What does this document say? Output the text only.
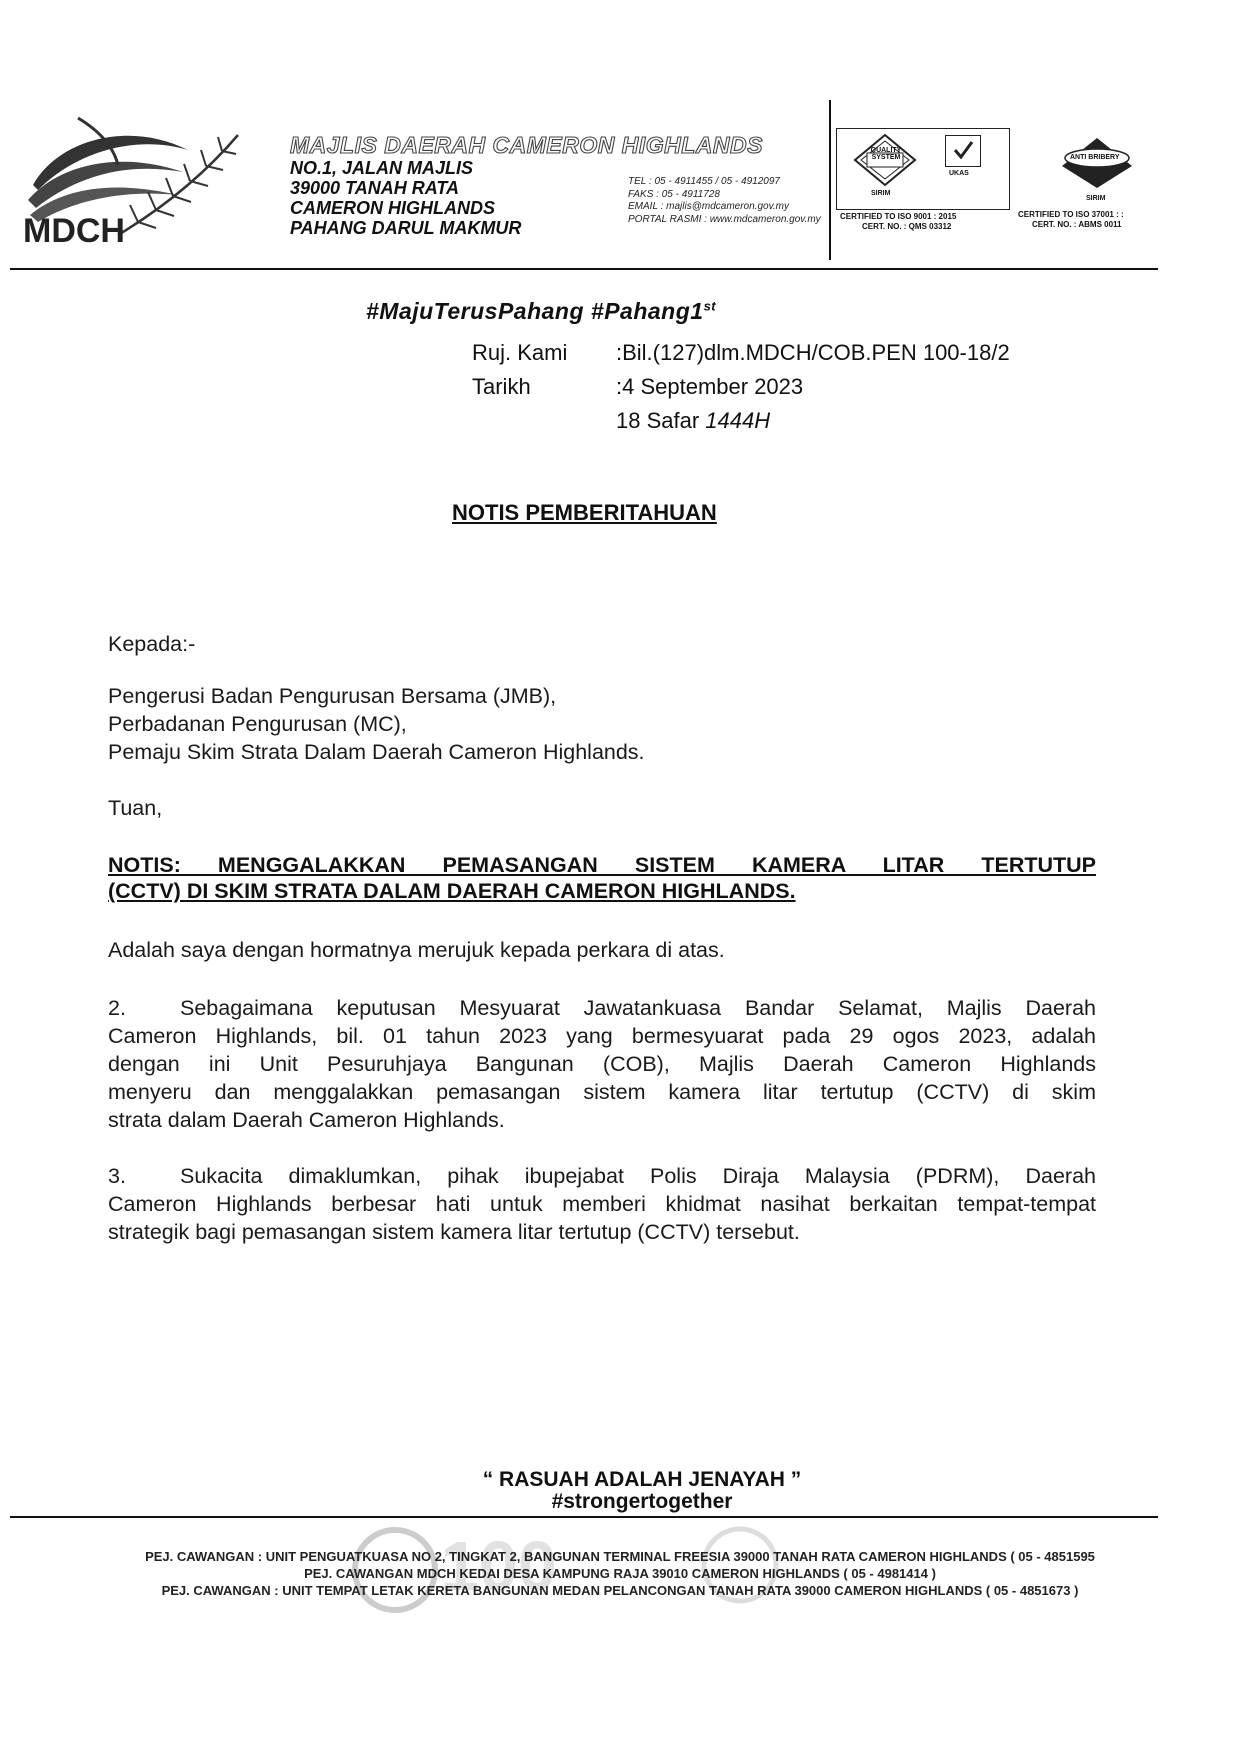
MDCH
MAJLIS DAERAH CAMERON HIGHLANDS
NO.1, JALAN MAJLIS
39000 TANAH RATA
CAMERON HIGHLANDS
PAHANG DARUL MAKMUR
TEL : 05 - 4911455 / 05 - 4912097
FAKS : 05 - 4911728
EMAIL : majlis@mdcameron.gov.my
PORTAL RASMI : www.mdcameron.gov.my
QUALITY SYSTEM
SIRIM
UKAS
CERTIFIED TO ISO 9001 : 2015
CERT. NO. : QMS 03312
ANTI BRIBERY
SIRIM
CERTIFIED TO ISO 37001 : :
CERT. NO. : ABMS 0011
#MajuTerusPahang #Pahang1st
Ruj. Kami
Tarikh
:Bil.(127)dlm.MDCH/COB.PEN 100-18/2
:4 September 2023
18 Safar 1444H
NOTIS PEMBERITAHUAN
Kepada:-
Pengerusi Badan Pengurusan Bersama (JMB),
Perbadanan Pengurusan (MC),
Pemaju Skim Strata Dalam Daerah Cameron Highlands.
Tuan,
NOTIS: MENGGALAKKAN PEMASANGAN SISTEM KAMERA LITAR TERTUTUP
(CCTV) DI SKIM STRATA DALAM DAERAH CAMERON HIGHLANDS.
Adalah saya dengan hormatnya merujuk kepada perkara di atas.
2.	Sebagaimana keputusan Mesyuarat Jawatankuasa Bandar Selamat, Majlis Daerah
Cameron Highlands, bil. 01 tahun 2023 yang bermesyuarat pada 29 ogos 2023, adalah
dengan ini Unit Pesuruhjaya Bangunan (COB), Majlis Daerah Cameron Highlands
menyeru dan menggalakkan pemasangan sistem kamera litar tertutup (CCTV) di skim
strata dalam Daerah Cameron Highlands.
3.	Sukacita dimaklumkan, pihak ibupejabat Polis Diraja Malaysia (PDRM), Daerah
Cameron Highlands berbesar hati untuk memberi khidmat nasihat berkaitan tempat-tempat
strategik bagi pemasangan sistem kamera litar tertutup (CCTV) tersebut.
“ RASUAH ADALAH JENAYAH ”
#strongertogether
100
PEJ. CAWANGAN : UNIT PENGUATKUASA NO 2, TINGKAT 2, BANGUNAN TERMINAL FREESIA 39000 TANAH RATA CAMERON HIGHLANDS ( 05 - 4851595
PEJ. CAWANGAN MDCH KEDAI DESA KAMPUNG RAJA 39010 CAMERON HIGHLANDS ( 05 - 4981414 )
PEJ. CAWANGAN : UNIT TEMPAT LETAK KERETA BANGUNAN MEDAN PELANCONGAN TANAH RATA 39000 CAMERON HIGHLANDS ( 05 - 4851673 )
